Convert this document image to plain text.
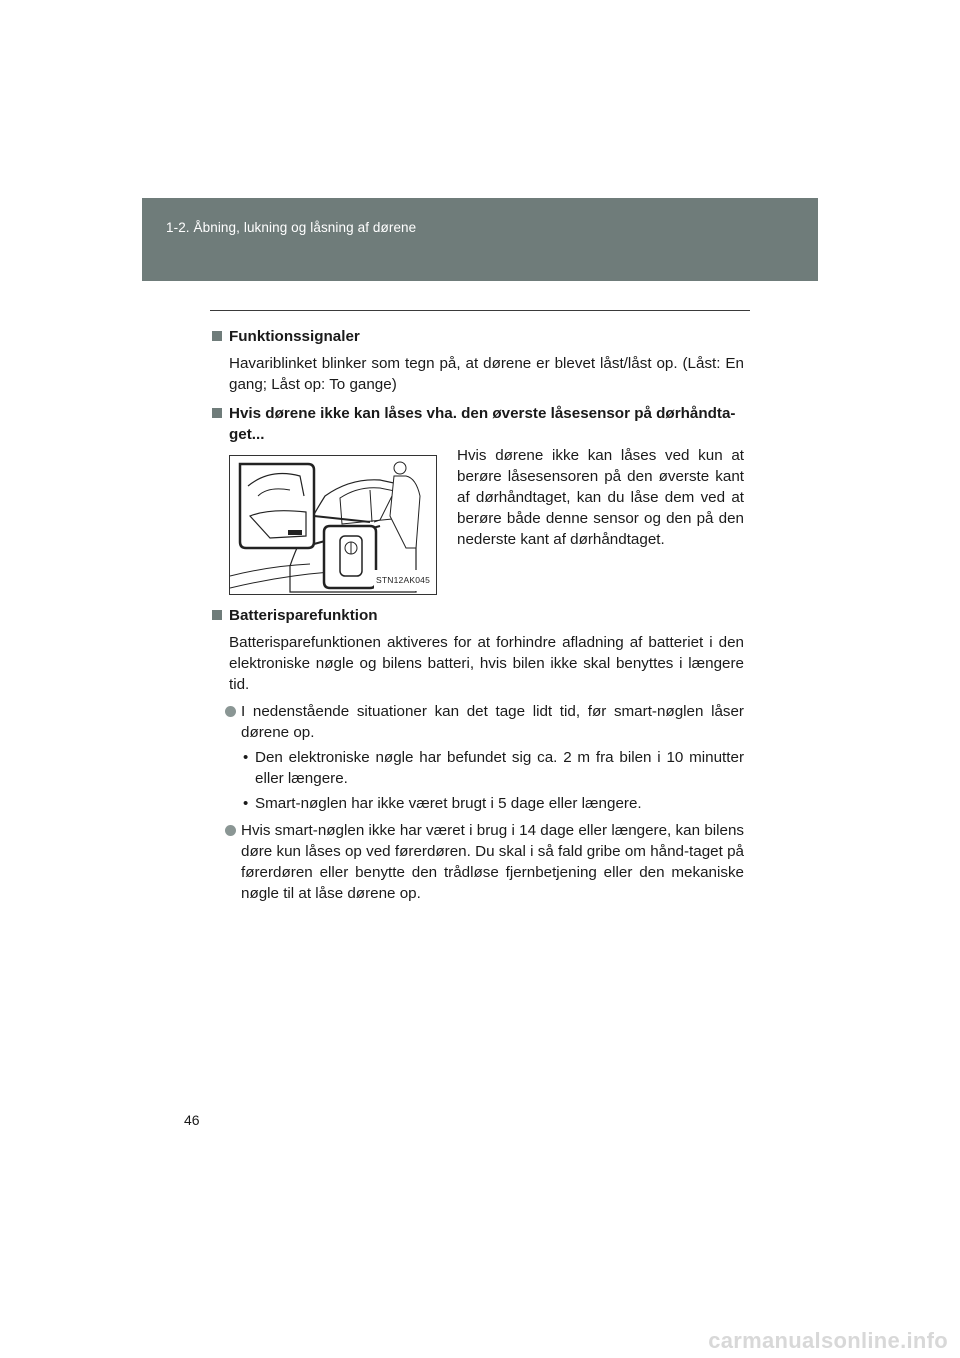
1-2. Åbning, lukning og låsning af dørene

Funktionssignaler

Havariblinket blinker som tegn på, at dørene er blevet låst/låst op. (Låst: En gang; Låst op: To gange)

Hvis dørene ikke kan låses vha. den øverste låsesensor på dørhåndta-get...

STN12AK045

Hvis dørene ikke kan låses ved kun at berøre låsesensoren på den øverste kant af dørhåndtaget, kan du låse dem ved at berøre både denne sensor og den på den nederste kant af dørhåndtaget.

Batterisparefunktion

Batterisparefunktionen aktiveres for at forhindre afladning af batteriet i den elektroniske nøgle og bilens batteri, hvis bilen ikke skal benyttes i længere tid.

I nedenstående situationer kan det tage lidt tid, før smart-nøglen låser dørene op.
• Den elektroniske nøgle har befundet sig ca. 2 m fra bilen i 10 minutter eller længere.
• Smart-nøglen har ikke været brugt i 5 dage eller længere.
Hvis smart-nøglen ikke har været i brug i 14 dage eller længere, kan bilens døre kun låses op ved førerdøren. Du skal i så fald gribe om hånd-taget på førerdøren eller benytte den trådløse fjernbetjening eller den mekaniske nøgle til at låse dørene op.
46
carmanualsonline.info
